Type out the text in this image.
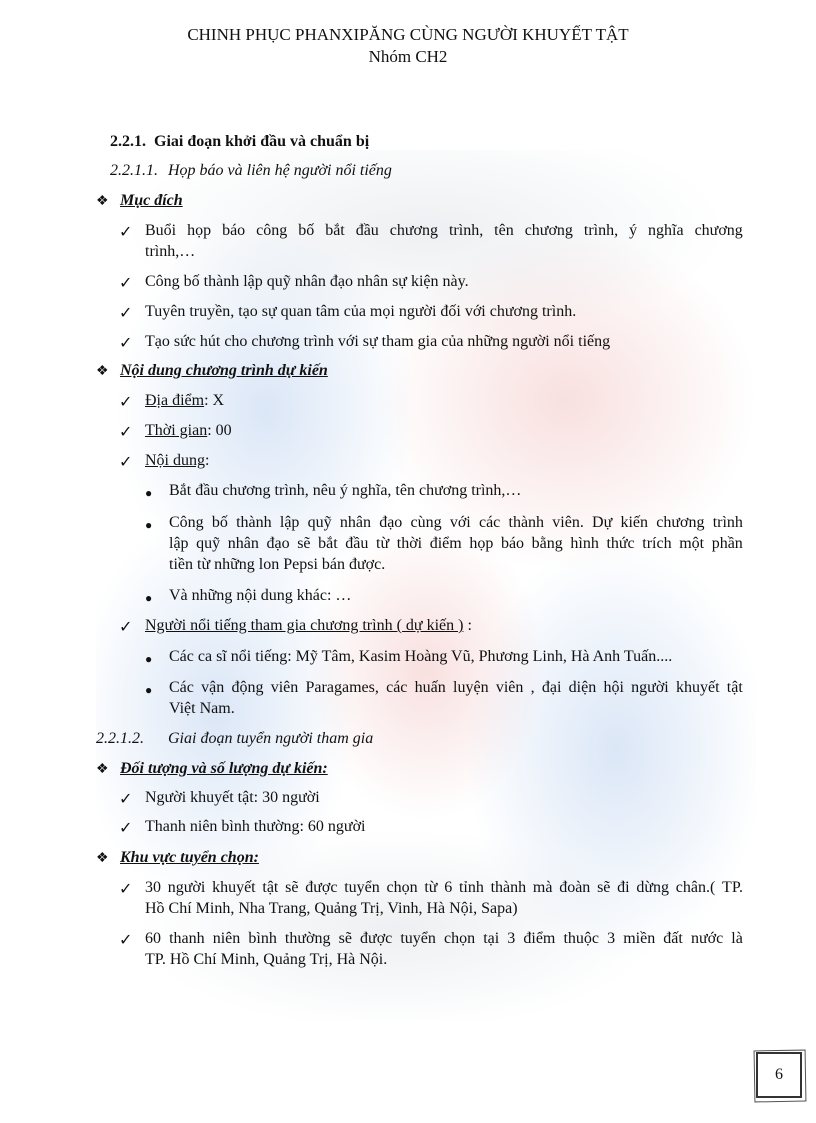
CHINH PHỤC PHANXIPĂNG CÙNG NGƯỜI KHUYẾT TẬT
Nhóm CH2
2.2.1. Giai đoạn khởi đầu và chuẩn bị
2.2.1.1. Họp báo và liên hệ người nổi tiếng
❖ Mục đích
✓ Buổi họp báo công bố bắt đầu chương trình, tên chương trình, ý nghĩa chương
trình,…
✓ Công bố thành lập quỹ nhân đạo nhân sự kiện này.
✓ Tuyên truyền, tạo sự quan tâm của mọi người đối với chương trình.
✓ Tạo sức hút cho chương trình với sự tham gia của những người nổi tiếng
❖ Nội dung chương trình dự kiến
✓ Địa điểm: X
✓ Thời gian: 00
✓ Nội dung:
● Bắt đầu chương trình, nêu ý nghĩa, tên chương trình,…
● Công bố thành lập quỹ nhân đạo cùng với các thành viên. Dự kiến chương trình
lập quỹ nhân đạo sẽ bắt đầu từ thời điểm họp báo bằng hình thức trích một phần
tiền từ những lon Pepsi bán được.
● Và những nội dung khác: …
✓ Người nổi tiếng tham gia chương trình ( dự kiến ) :
● Các ca sĩ nổi tiếng: Mỹ Tâm, Kasim Hoàng Vũ, Phương Linh, Hà Anh Tuấn....
● Các vận động viên Paragames, các huấn luyện viên , đại diện hội người khuyết tật
Việt Nam.
2.2.1.2. Giai đoạn tuyển người tham gia
❖ Đối tượng và số lượng dự kiến:
✓ Người khuyết tật: 30 người
✓ Thanh niên bình thường: 60 người
❖ Khu vực tuyển chọn:
✓ 30 người khuyết tật sẽ được tuyển chọn từ 6 tỉnh thành mà đoàn sẽ đi dừng chân.( TP.
Hồ Chí Minh, Nha Trang, Quảng Trị, Vinh, Hà Nội, Sapa)
✓ 60 thanh niên bình thường sẽ được tuyển chọn tại 3 điểm thuộc 3 miền đất nước là
TP. Hồ Chí Minh, Quảng Trị, Hà Nội.
6
